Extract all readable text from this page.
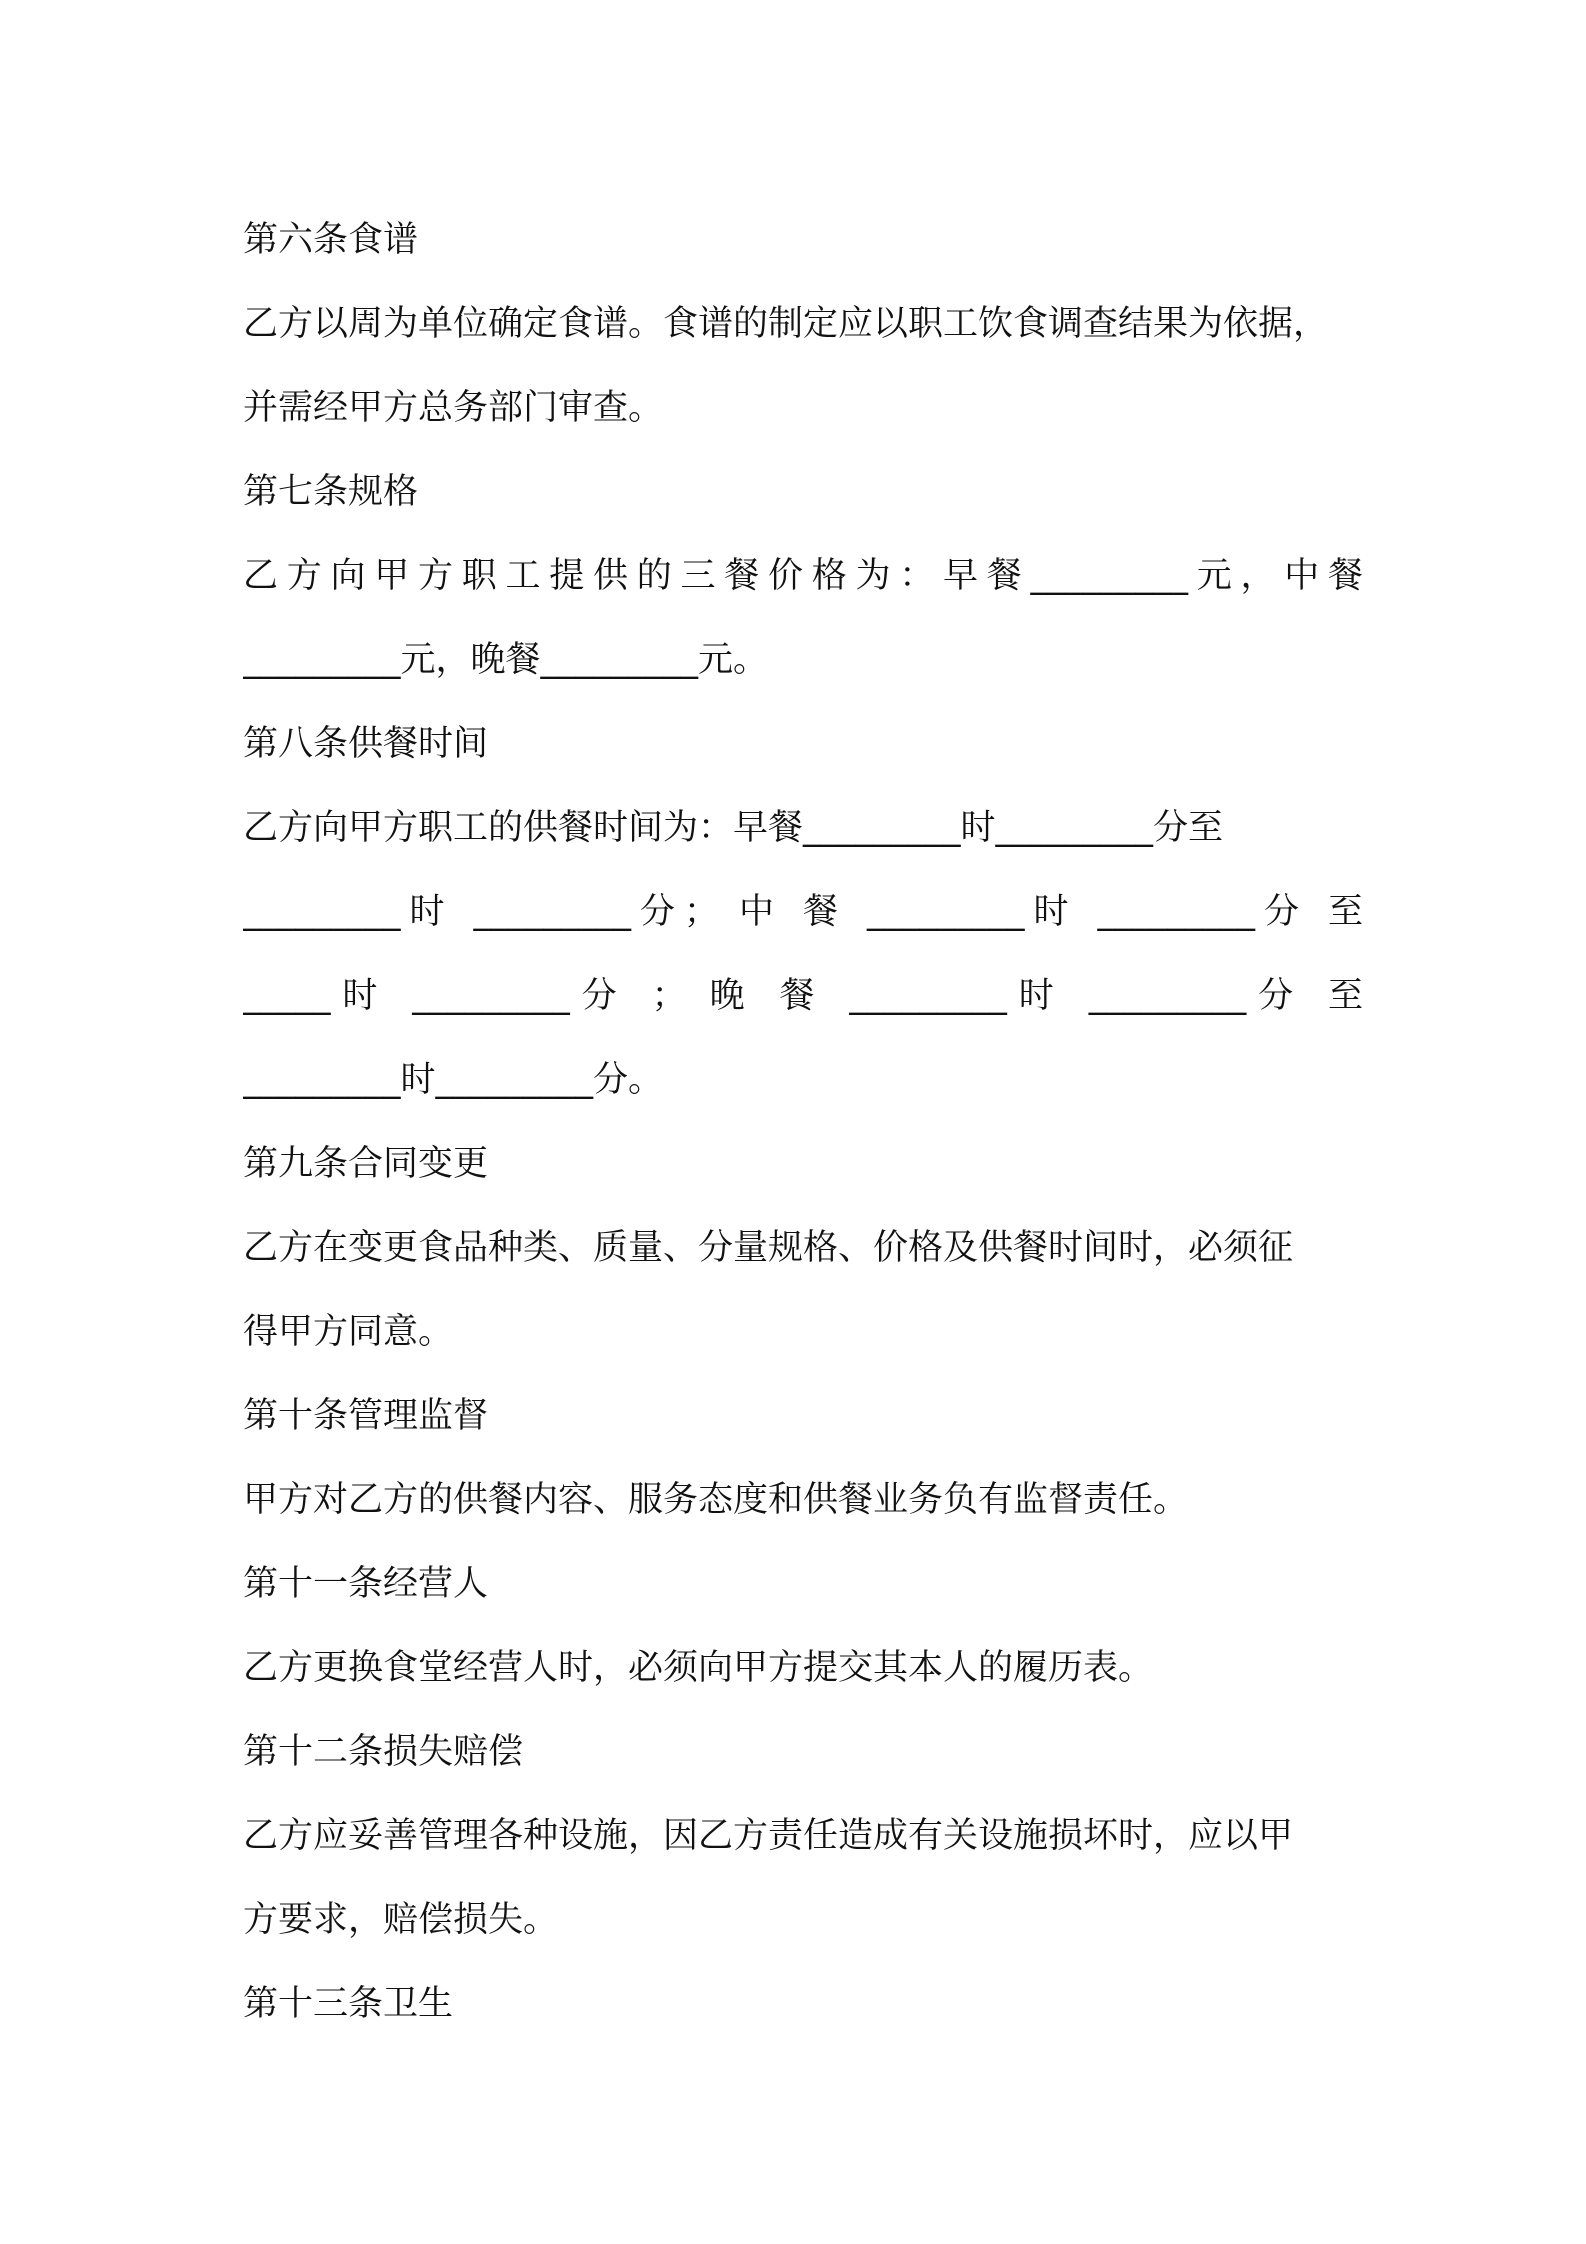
第六条食谱
乙方以周为单位确定食谱。食谱的制定应以职工饮食调查结果为依据，
并需经甲方总务部门审查。
第七条规格
乙方向甲方职工提供的三餐价格为：早餐_________元，中餐
_________元，晚餐_________元。
第八条供餐时间
乙方向甲方职工的供餐时间为：早餐_________时_________分至
_________时 _________分； 中 餐 _________时 _________分 至
_____时 _________分 ； 晚 餐 _________时 _________分 至
_________时_________分。
第九条合同变更
乙方在变更食品种类、质量、分量规格、价格及供餐时间时，必须征
得甲方同意。
第十条管理监督
甲方对乙方的供餐内容、服务态度和供餐业务负有监督责任。
第十一条经营人
乙方更换食堂经营人时，必须向甲方提交其本人的履历表。
第十二条损失赔偿
乙方应妥善管理各种设施，因乙方责任造成有关设施损坏时，应以甲
方要求，赔偿损失。
第十三条卫生
